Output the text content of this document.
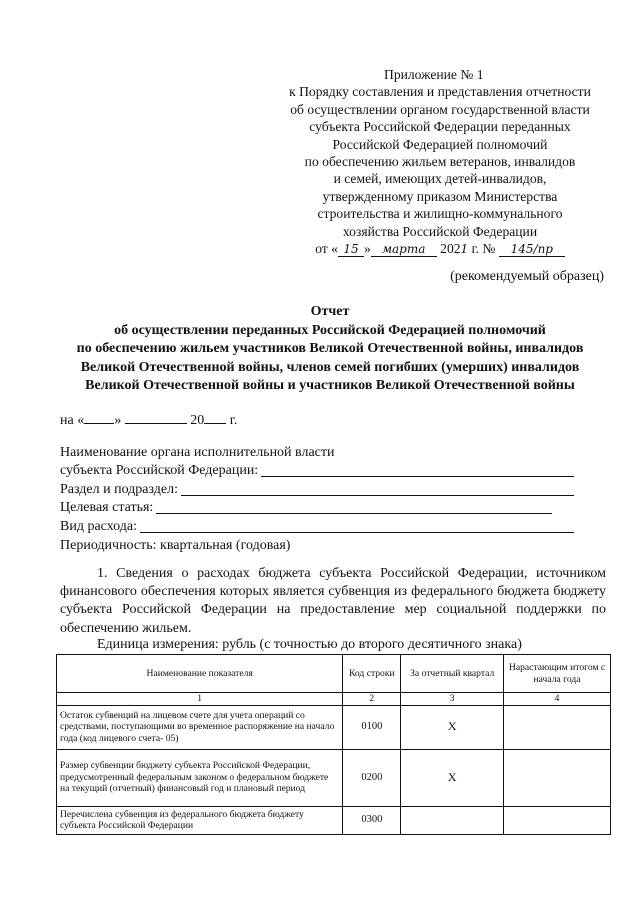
Приложение № 1
к Порядку составления и представления отчетности
об осуществлении органом государственной власти
субъекта Российской Федерации переданных
Российской Федерацией полномочий
по обеспечению жильем ветеранов, инвалидов
и семей, имеющих детей-инвалидов,
утвержденному приказом Министерства
строительства и жилищно-коммунального
хозяйства Российской Федерации
от « 15 » марта 2021 г. № 145/пр
(рекомендуемый образец)
Отчет
об осуществлении переданных Российской Федерацией полномочий
по обеспечению жильем участников Великой Отечественной войны, инвалидов
Великой Отечественной войны, членов семей погибших (умерших) инвалидов
Великой Отечественной войны и участников Великой Отечественной войны
на « »	20 г.
Наименование органа исполнительной власти
субъекта Российской Федерации:
Раздел и подраздел:
Целевая статья:
Вид расхода:
Периодичность: квартальная (годовая)
1. Сведения о расходах бюджета субъекта Российской Федерации, источником финансового обеспечения которых является субвенция из федерального бюджета бюджету субъекта Российской Федерации на предоставление мер социальной поддержки по обеспечению жильем.
Единица измерения: рубль (с точностью до второго десятичного знака)
Наименование показателя	Код строки	За отчетный квартал	Нарастающим итогом с начала года
1	2	3	4
Остаток субвенций на лицевом счете для учета операций со средствами, поступающими во временное распоряжение на начало года (код лицевого счета- 05)	0100	X	
Размер субвенции бюджету субъекта Российской Федерации, предусмотренный федеральным законом о федеральном бюджете на текущий (отчетный) финансовый год и плановый период	0200	X	
Перечислена субвенция из федерального бюджета бюджету субъекта Российской Федерации	0300		
